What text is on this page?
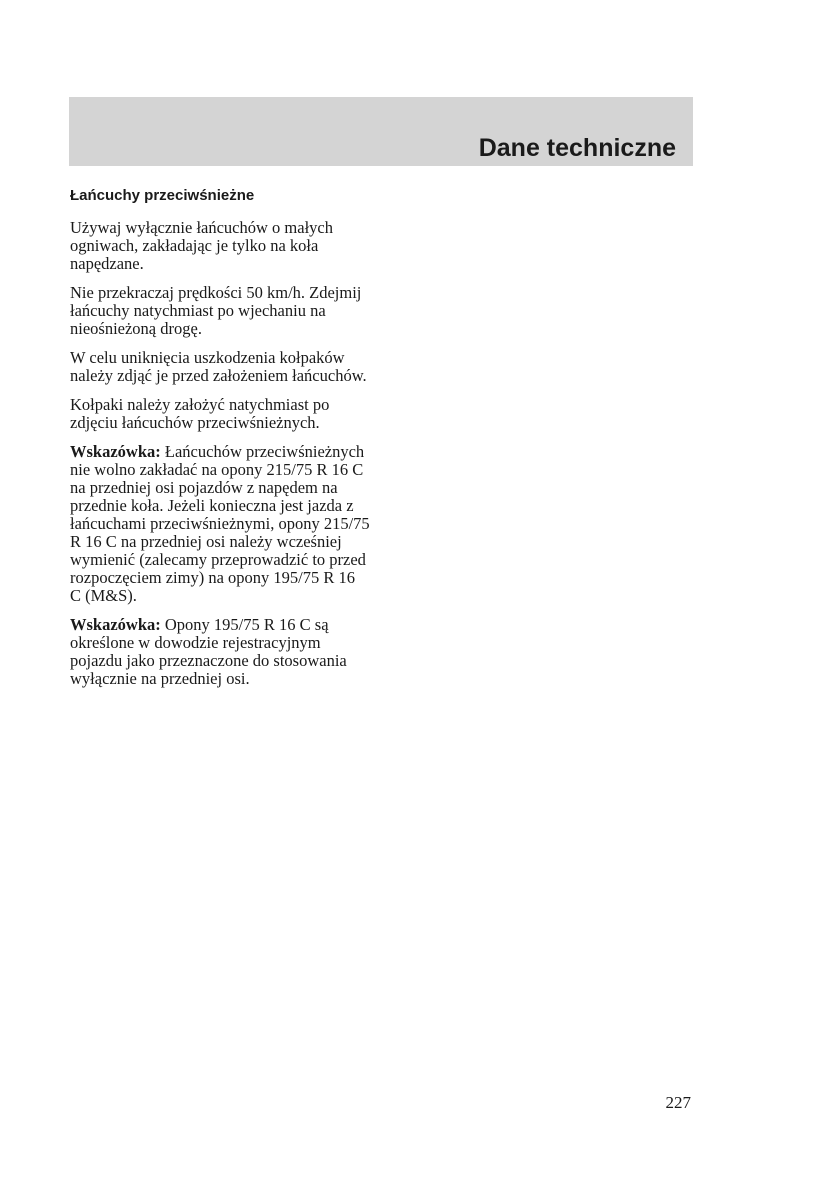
Dane techniczne
Łańcuchy przeciwśnieżne

Używaj wyłącznie łańcuchów o małych ogniwach, zakładając je tylko na koła napędzane.

Nie przekraczaj prędkości 50 km/h. Zdejmij łańcuchy natychmiast po wjechaniu na nieośnieżoną drogę.

W celu uniknięcia uszkodzenia kołpaków należy zdjąć je przed założeniem łańcuchów.

Kołpaki należy założyć natychmiast po zdjęciu łańcuchów przeciwśnieżnych.

Wskazówka: Łańcuchów przeciwśnieżnych nie wolno zakładać na opony 215/75 R 16 C na przedniej osi pojazdów z napędem na przednie koła. Jeżeli konieczna jest jazda z łańcuchami przeciwśnieżnymi, opony 215/75 R 16 C na przedniej osi należy wcześniej wymienić (zalecamy przeprowadzić to przed rozpoczęciem zimy) na opony 195/75 R 16 C (M&S).

Wskazówka: Opony 195/75 R 16 C są określone w dowodzie rejestracyjnym pojazdu jako przeznaczone do stosowania wyłącznie na przedniej osi.

227
